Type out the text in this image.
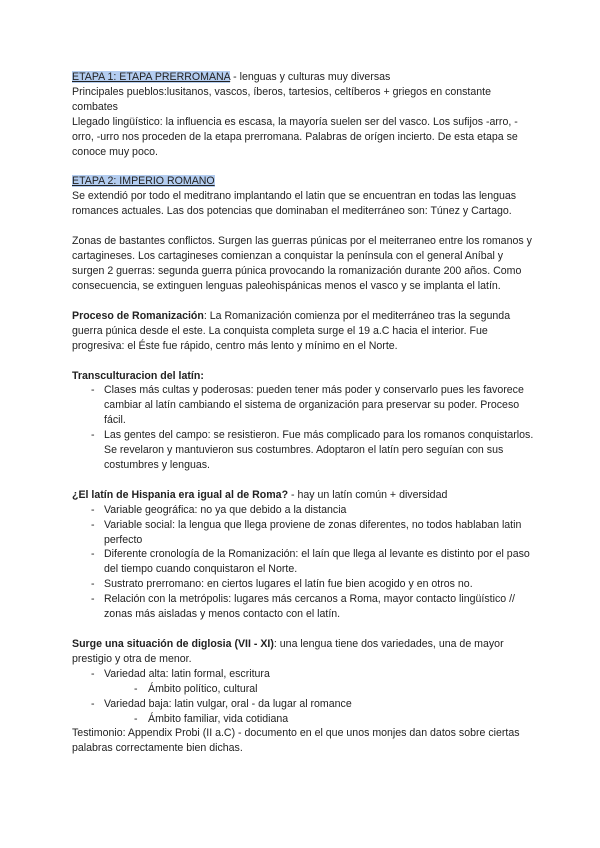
ETAPA 1: ETAPA PRERROMANA - lenguas y culturas muy diversas

Principales pueblos:lusitanos, vascos, íberos, tartesios, celtíberos + griegos en constante combates

Llegado lingüístico: la influencia es escasa, la mayoría suelen ser del vasco. Los sufijos -arro, -orro, -urro nos proceden de la etapa prerromana. Palabras de orígen incierto. De esta etapa se conoce muy poco.

ETAPA 2: IMPERIO ROMANO

Se extendió por todo el meditrano implantando el latin que se encuentran en todas las lenguas romances actuales. Las dos potencias que dominaban el mediterráneo son: Túnez y Cartago.

Zonas de bastantes conflictos. Surgen las guerras púnicas por el meiterraneo entre los romanos y cartagineses. Los cartagineses comienzan a conquistar la península con el general Aníbal y surgen 2 guerras: segunda guerra púnica provocando la romanización durante 200 años. Como consecuencia, se extinguen lenguas paleohispánicas menos el vasco y se implanta el latín.

Proceso de Romanización: La Romanización comienza por el mediterráneo tras la segunda guerra púnica desde el este. La conquista completa surge el 19 a.C hacia el interior. Fue progresiva: el Éste fue rápido, centro más lento y mínimo en el Norte.

Transculturacion del latín:

- Clases más cultas y poderosas: pueden tener más poder y conservarlo pues les favorece cambiar al latín cambiando el sistema de organización para preservar su poder. Proceso fácil.
- Las gentes del campo: se resistieron. Fue más complicado para los romanos conquistarlos. Se revelaron y mantuvieron sus costumbres. Adoptaron el latín pero seguían con sus costumbres y lenguas.

¿El latín de Hispania era igual al de Roma? - hay un latín común + diversidad

- Variable geográfica: no ya que debido a la distancia
- Variable social: la lengua que llega proviene de zonas diferentes, no todos hablaban latin perfecto
- Diferente cronología de la Romanización: el laín que llega al levante es distinto por el paso del tiempo cuando conquistaron el Norte.
- Sustrato prerromano: en ciertos lugares el latín fue bien acogido y en otros no.
- Relación con la metrópolis: lugares más cercanos a Roma, mayor contacto lingüístico // zonas más aisladas y menos contacto con el latín.

Surge una situación de diglosia (VII - XI): una lengua tiene dos variedades, una de mayor prestigio y otra de menor.

- Variedad alta: latin formal, escritura
- Ámbito político, cultural
- Variedad baja: latin vulgar, oral - da lugar al romance
- Ámbito familiar, vida cotidiana

Testimonio: Appendix Probi (II a.C) - documento en el que unos monjes dan datos sobre ciertas palabras correctamente bien dichas.
